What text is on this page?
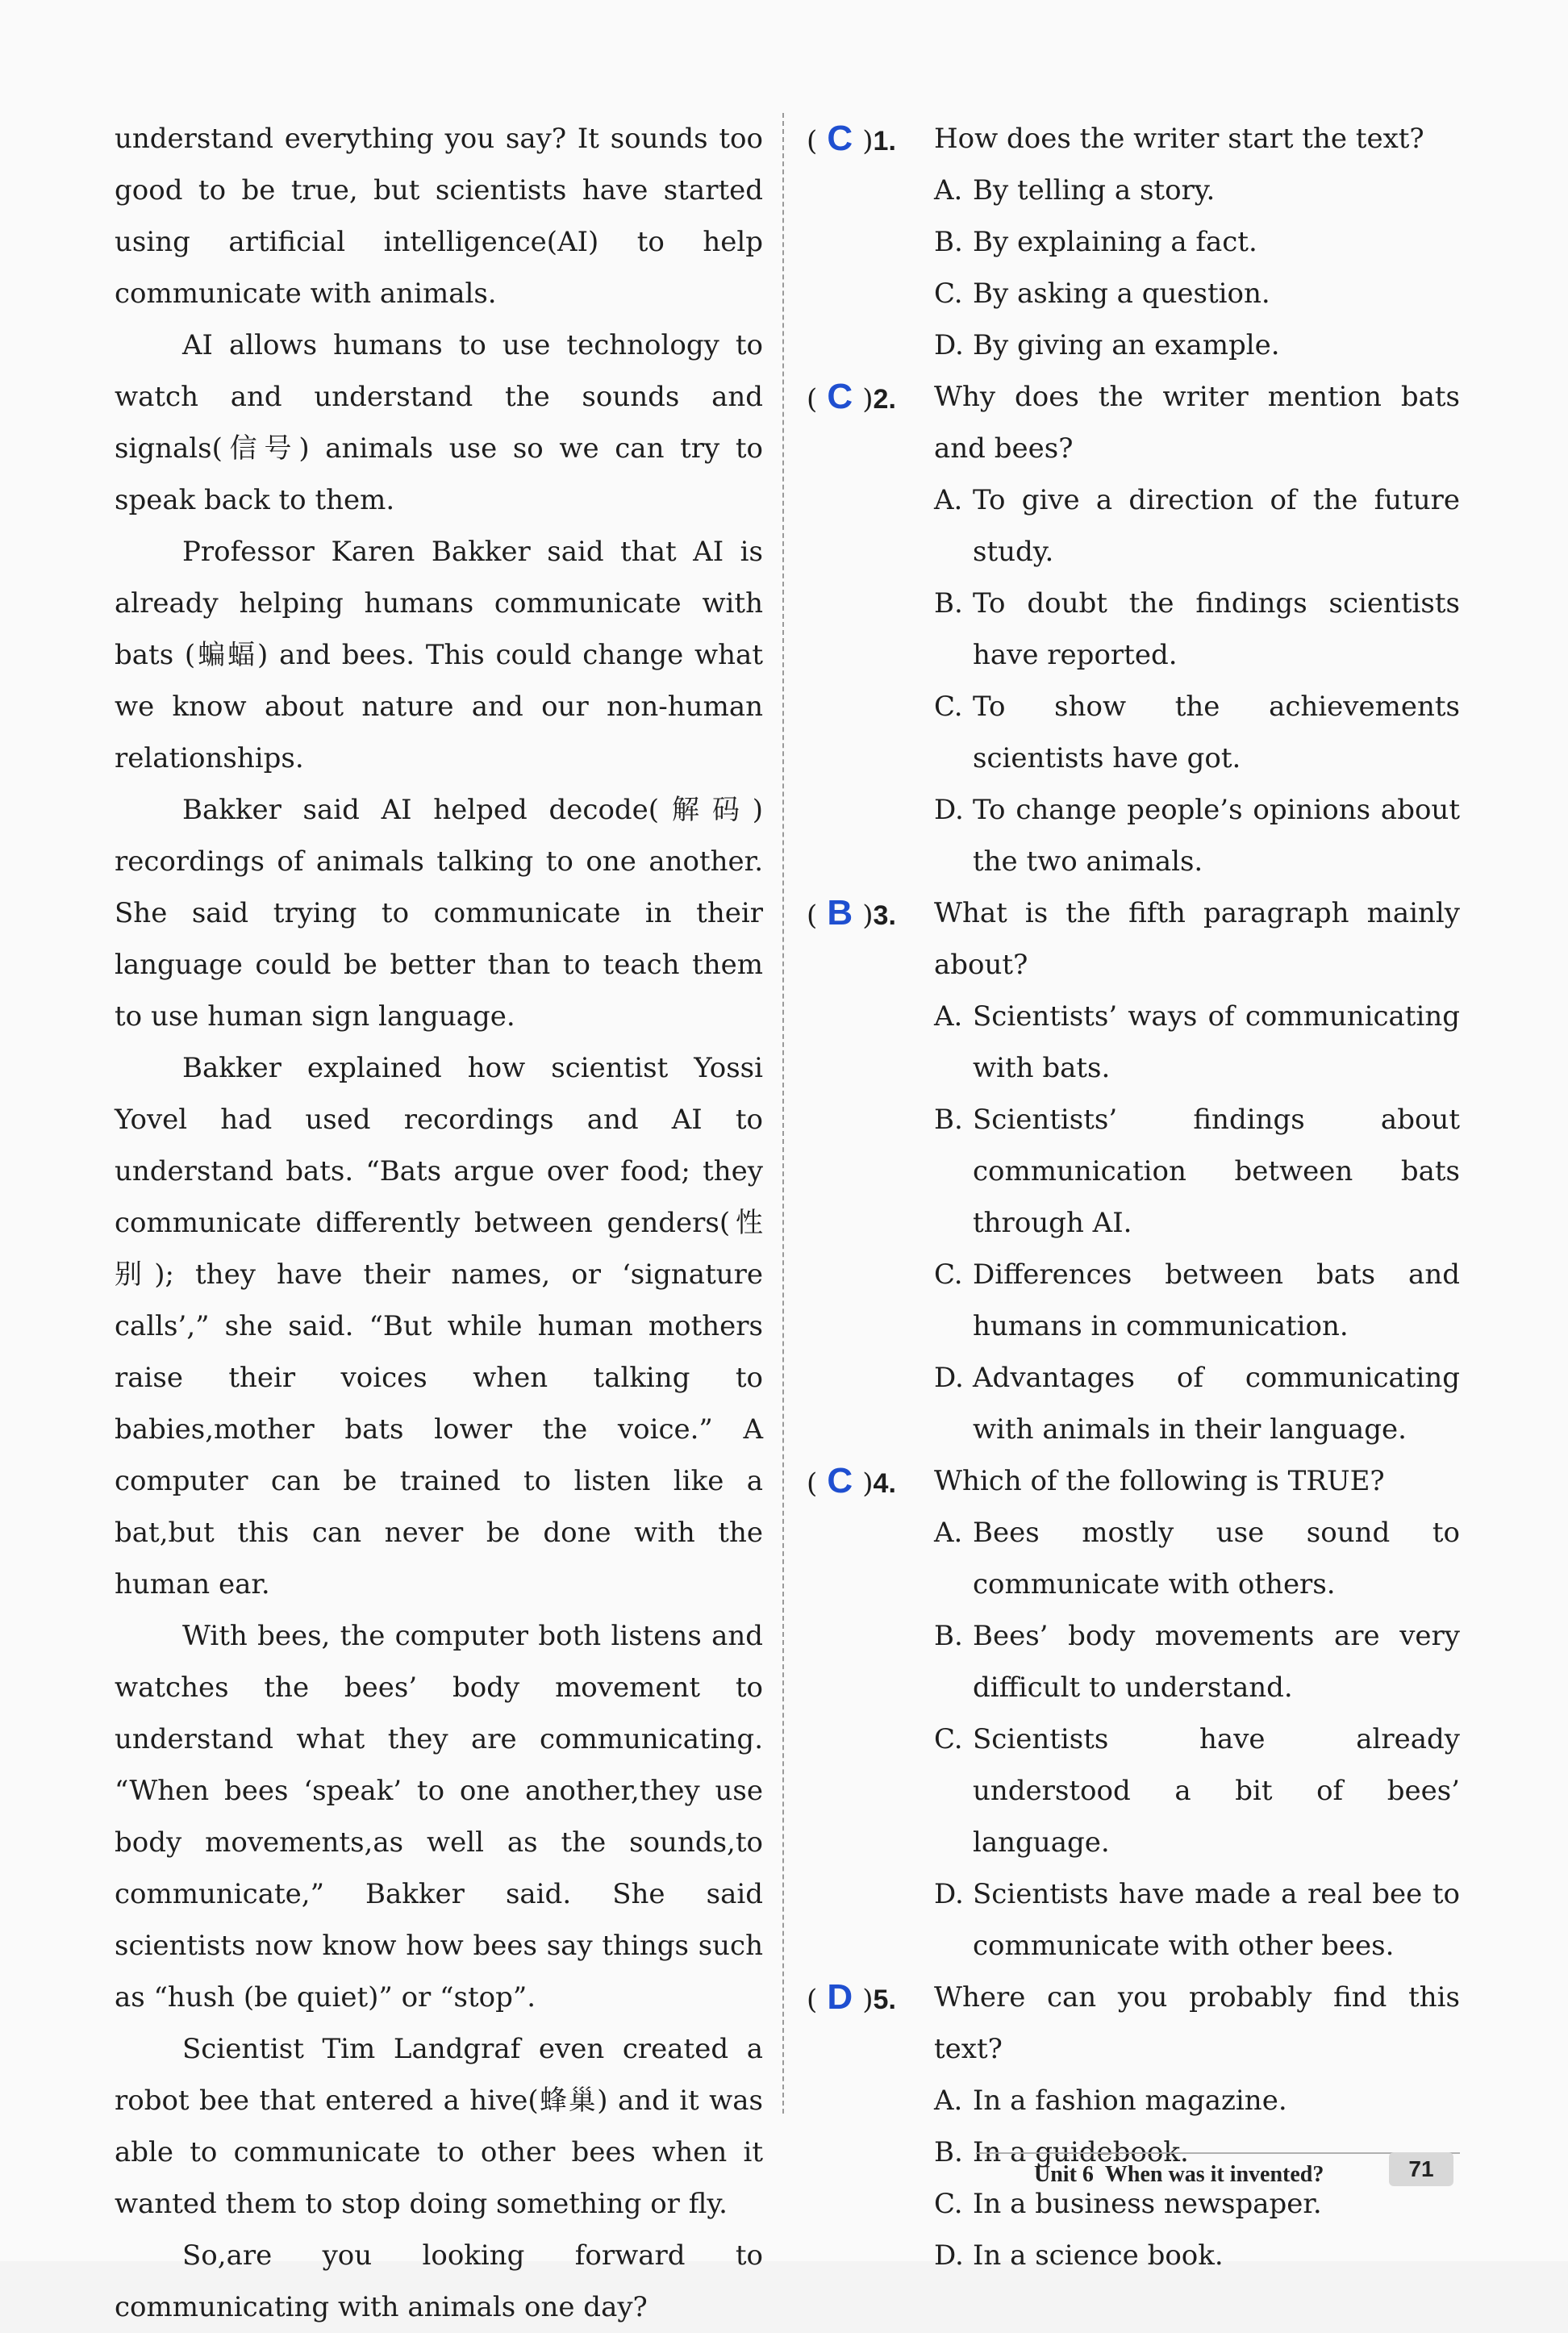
understand everything you say? It sounds too good to be true, but scientists have started using artificial intelligence(AI) to help communicate with animals.

AI allows humans to use technology to watch and understand the sounds and signals(信号) animals use so we can try to speak back to them.

Professor Karen Bakker said that AI is already helping humans communicate with bats (蝙蝠) and bees. This could change what we know about nature and our non-human relationships.

Bakker said AI helped decode(解码) recordings of animals talking to one another. She said trying to communicate in their language could be better than to teach them to use human sign language.

Bakker explained how scientist Yossi Yovel had used recordings and AI to understand bats. “Bats argue over food; they communicate differently between genders(性别); they have their names, or ‘signature calls’,” she said. “But while human mothers raise their voices when talking to babies,mother bats lower the voice.” A computer can be trained to listen like a bat,but this can never be done with the human ear.

With bees, the computer both listens and watches the bees’ body movement to understand what they are communicating. “When bees ‘speak’ to one another,they use body movements,as well as the sounds,to communicate,” Bakker said. She said scientists now know how bees say things such as “hush (be quiet)” or “stop”.

Scientist Tim Landgraf even created a robot bee that entered a hive(蜂巢) and it was able to communicate to other bees when it wanted them to stop doing something or fly.

So,are you looking forward to communicating with animals one day?

( C )1.	How does the writer start the text?
A. By telling a story.
B. By explaining a fact.
C. By asking a question.
D. By giving an example.
( C )2.	Why does the writer mention bats and bees?
A. To give a direction of the future study.
B. To doubt the findings scientists have reported.
C. To show the achievements scientists have got.
D. To change people’s opinions about the two animals.
( B )3.	What is the fifth paragraph mainly about?
A. Scientists’ ways of communicating with bats.
B. Scientists’ findings about communication between bats through AI.
C. Differences between bats and humans in communication.
D. Advantages of communicating with animals in their language.
( C )4.	Which of the following is TRUE?
A. Bees mostly use sound to communicate with others.
B. Bees’ body movements are very difficult to understand.
C. Scientists have already understood a bit of bees’ language.
D. Scientists have made a real bee to communicate with other bees.
( D )5.	Where can you probably find this text?
A. In a fashion magazine.
B. In a guidebook.
C. In a business newspaper.
D. In a science book.
Unit 6 When was it invented?	71
